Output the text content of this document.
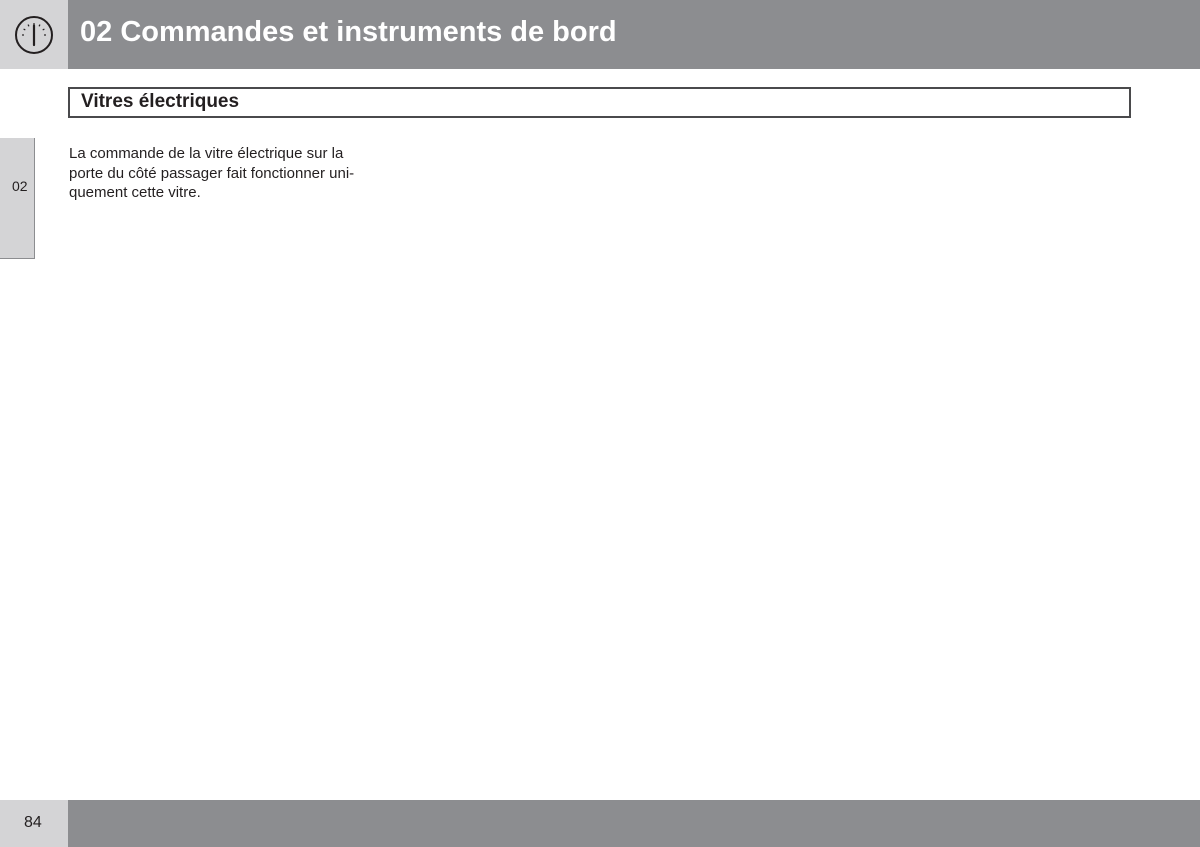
02 Commandes et instruments de bord
Vitres électriques
02

La commande de la vitre électrique sur la
porte du côté passager fait fonctionner uni-
quement cette vitre.

84
